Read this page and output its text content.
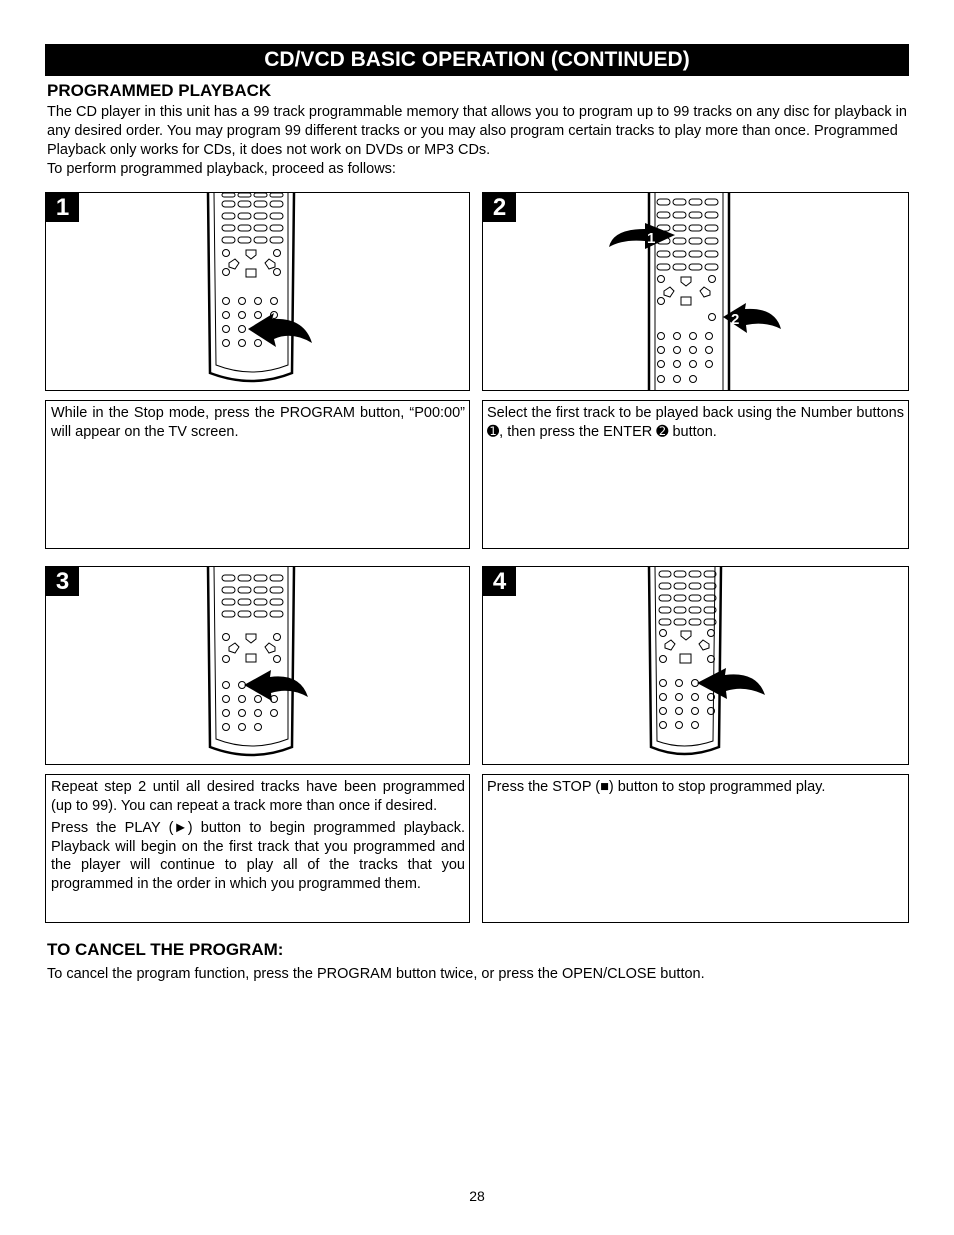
CD/VCD BASIC OPERATION (CONTINUED)
PROGRAMMED PLAYBACK

The CD player in this unit has a 99 track programmable memory that allows you to program up to 99 tracks on any disc for playback in any desired order. You may program 99 different tracks or you may also program certain tracks to play more than once. Programmed Playback only works for CDs, it does not work on DVDs or MP3 CDs.

To perform programmed playback, proceed as follows:

1
1
2
2

While in the Stop mode, press the PROGRAM button, “P00:00” will appear on the TV screen.

Select the first track to be played back using the Number buttons ➊, then press the ENTER ➋ button.

3	4

Repeat step 2 until all desired tracks have been programmed (up to 99). You can repeat a track more than once if desired.

Press the PLAY (►) button to begin programmed playback. Playback will begin on the first track that you programmed and the player will continue to play all of the tracks that you programmed in the order in which you programmed them.

Press the STOP (■) button to stop programmed play.

TO CANCEL THE PROGRAM:
To cancel the program function, press the PROGRAM button twice, or press the OPEN/CLOSE button.
28
